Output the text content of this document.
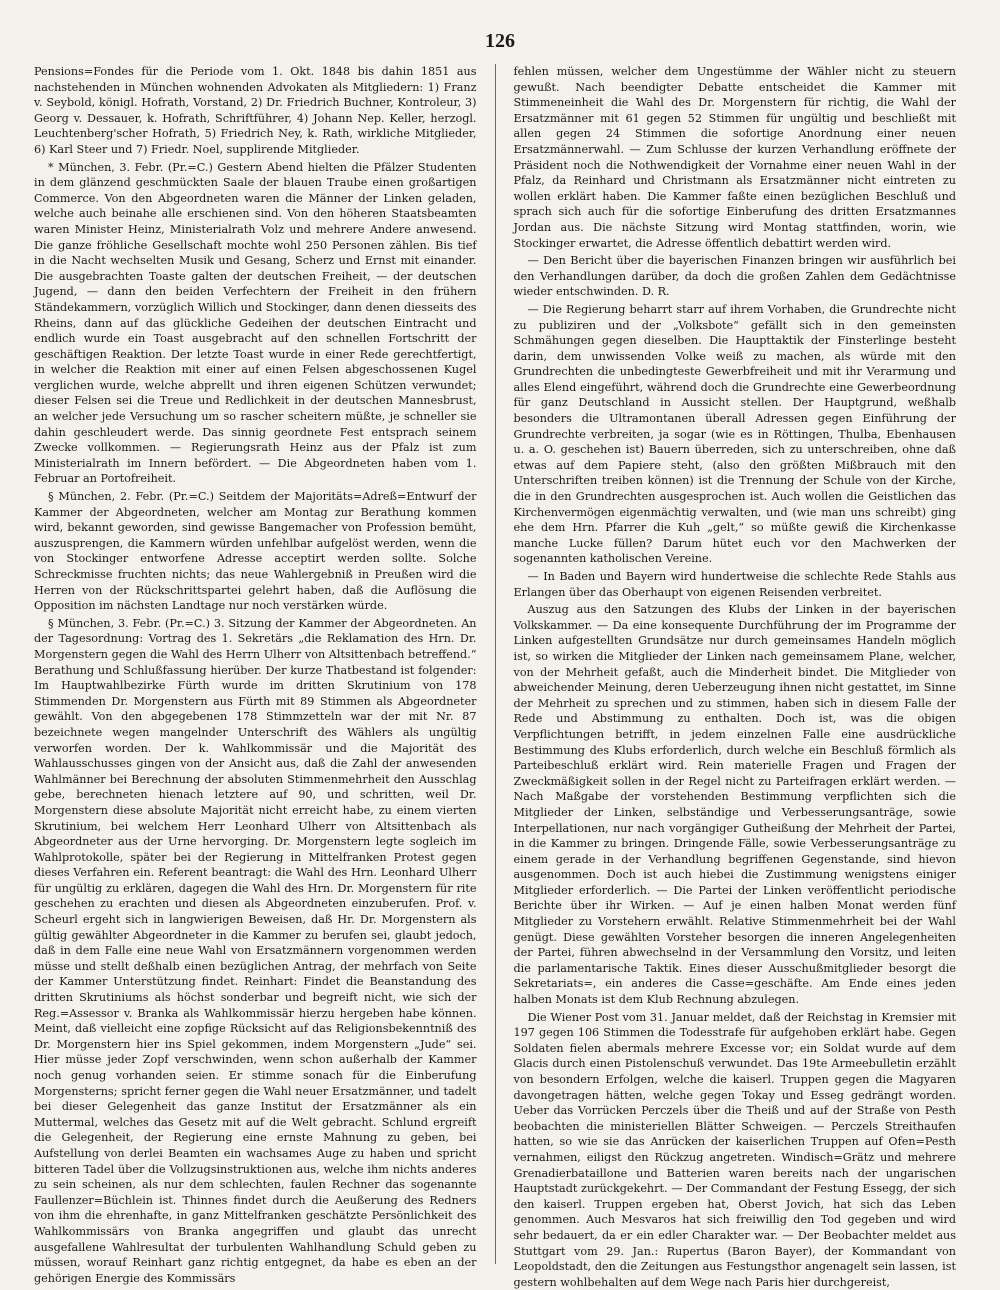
126

Pensions=Fondes für die Periode vom 1. Okt. 1848 bis dahin 1851 aus nachstehenden in München wohnenden Advokaten als Mitgliedern: 1) Franz v. Seybold, königl. Hofrath, Vorstand, 2) Dr. Friedrich Buchner, Kontroleur, 3) Georg v. Dessauer, k. Hofrath, Schriftführer, 4) Johann Nep. Keller, herzogl. Leuchtenberg'scher Hofrath, 5) Friedrich Ney, k. Rath, wirkliche Mitglieder, 6) Karl Steer und 7) Friedr. Noel, supplirende Mitglieder.

* München, 3. Febr. (Pr.=C.) Gestern Abend hielten die Pfälzer Studenten in dem glänzend geschmückten Saale der blauen Traube einen großartigen Commerce. Von den Abgeordneten waren die Männer der Linken geladen, welche auch beinahe alle erschienen sind. Von den höheren Staatsbeamten waren Minister Heinz, Ministerialrath Volz und mehrere Andere anwesend. Die ganze fröhliche Gesellschaft mochte wohl 250 Personen zählen. Bis tief in die Nacht wechselten Musik und Gesang, Scherz und Ernst mit einander. Die ausgebrachten Toaste galten der deutschen Freiheit, — der deutschen Jugend, — dann den beiden Verfechtern der Freiheit in den frühern Ständekammern, vorzüglich Willich und Stockinger, dann denen diesseits des Rheins, dann auf das glückliche Gedeihen der deutschen Eintracht und endlich wurde ein Toast ausgebracht auf den schnellen Fortschritt der geschäftigen Reaktion. Der letzte Toast wurde in einer Rede gerechtfertigt, in welcher die Reaktion mit einer auf einen Felsen abgeschossenen Kugel verglichen wurde, welche abprellt und ihren eigenen Schützen verwundet; dieser Felsen sei die Treue und Redlichkeit in der deutschen Mannesbrust, an welcher jede Versuchung um so rascher scheitern müßte, je schneller sie dahin geschleudert werde. Das sinnig geordnete Fest entsprach seinem Zwecke vollkommen. — Regierungsrath Heinz aus der Pfalz ist zum Ministerialrath im Innern befördert. — Die Abgeordneten haben vom 1. Februar an Portofreiheit.

§ München, 2. Febr. (Pr.=C.) Seitdem der Majoritäts=Adreß=Entwurf der Kammer der Abgeordneten, welcher am Montag zur Berathung kommen wird, bekannt geworden, sind gewisse Bangemacher von Profession bemüht, auszusprengen, die Kammern würden unfehlbar aufgelöst werden, wenn die von Stockinger entworfene Adresse acceptirt werden sollte. Solche Schreckmisse fruchten nichts; das neue Wahlergebniß in Preußen wird die Herren von der Rückschrittspartei gelehrt haben, daß die Auflösung die Opposition im nächsten Landtage nur noch verstärken würde.

§ München, 3. Febr. (Pr.=C.) 3. Sitzung der Kammer der Abgeordneten. An der Tagesordnung: Vortrag des 1. Sekretärs „die Reklamation des Hrn. Dr. Morgenstern gegen die Wahl des Herrn Ulherr von Altsittenbach betreffend.“ Berathung und Schlußfassung hierüber. Der kurze Thatbestand ist folgender: Im Hauptwahlbezirke Fürth wurde im dritten Skrutinium von 178 Stimmenden Dr. Morgenstern aus Fürth mit 89 Stimmen als Abgeordneter gewählt. Von den abgegebenen 178 Stimmzetteln war der mit Nr. 87 bezeichnete wegen mangelnder Unterschrift des Wählers als ungültig verworfen worden. Der k. Wahlkommissär und die Majorität des Wahlausschusses gingen von der Ansicht aus, daß die Zahl der anwesenden Wahlmänner bei Berechnung der absoluten Stimmenmehrheit den Ausschlag gebe, berechneten hienach letztere auf 90, und schritten, weil Dr. Morgenstern diese absolute Majorität nicht erreicht habe, zu einem vierten Skrutinium, bei welchem Herr Leonhard Ulherr von Altsittenbach als Abgeordneter aus der Urne hervorging. Dr. Morgenstern legte sogleich im Wahlprotokolle, später bei der Regierung in Mittelfranken Protest gegen dieses Verfahren ein. Referent beantragt: die Wahl des Hrn. Leonhard Ulherr für ungültig zu erklären, dagegen die Wahl des Hrn. Dr. Morgenstern für rite geschehen zu erachten und diesen als Abgeordneten einzuberufen. Prof. v. Scheurl ergeht sich in langwierigen Beweisen, daß Hr. Dr. Morgenstern als gültig gewählter Abgeordneter in die Kammer zu berufen sei, glaubt jedoch, daß in dem Falle eine neue Wahl von Ersatzmännern vorgenommen werden müsse und stellt deßhalb einen bezüglichen Antrag, der mehrfach von Seite der Kammer Unterstützung findet. Reinhart: Findet die Beanstandung des dritten Skrutiniums als höchst sonderbar und begreift nicht, wie sich der Reg.=Assessor v. Branka als Wahlkommissär hierzu hergeben habe können. Meint, daß vielleicht eine zopfige Rücksicht auf das Religionsbekenntniß des Dr. Morgenstern hier ins Spiel gekommen, indem Morgenstern „Jude“ sei. Hier müsse jeder Zopf verschwinden, wenn schon außerhalb der Kammer noch genug vorhanden seien. Er stimme sonach für die Einberufung Morgensterns; spricht ferner gegen die Wahl neuer Ersatzmänner, und tadelt bei dieser Gelegenheit das ganze Institut der Ersatzmänner als ein Muttermal, welches das Gesetz mit auf die Welt gebracht. Schlund ergreift die Gelegenheit, der Regierung eine ernste Mahnung zu geben, bei Aufstellung von derlei Beamten ein wachsames Auge zu haben und spricht bitteren Tadel über die Vollzugsinstruktionen aus, welche ihm nichts anderes zu sein scheinen, als nur dem schlechten, faulen Rechner das sogenannte Faullenzer=Büchlein ist. Thinnes findet durch die Aeußerung des Redners von ihm die ehrenhafte, in ganz Mittelfranken geschätzte Persönlichkeit des Wahlkommissärs von Branka angegriffen und glaubt das unrecht ausgefallene Wahlresultat der turbulenten Wahlhandlung Schuld geben zu müssen, worauf Reinhart ganz richtig entgegnet, da habe es eben an der gehörigen Energie des Kommissärs

fehlen müssen, welcher dem Ungestümme der Wähler nicht zu steuern gewußt. Nach beendigter Debatte entscheidet die Kammer mit Stimmeneinheit die Wahl des Dr. Morgenstern für richtig, die Wahl der Ersatzmänner mit 61 gegen 52 Stimmen für ungültig und beschließt mit allen gegen 24 Stimmen die sofortige Anordnung einer neuen Ersatzmännerwahl. — Zum Schlusse der kurzen Verhandlung eröffnete der Präsident noch die Nothwendigkeit der Vornahme einer neuen Wahl in der Pfalz, da Reinhard und Christmann als Ersatzmänner nicht eintreten zu wollen erklärt haben. Die Kammer faßte einen bezüglichen Beschluß und sprach sich auch für die sofortige Einberufung des dritten Ersatzmannes Jordan aus. Die nächste Sitzung wird Montag stattfinden, worin, wie Stockinger erwartet, die Adresse öffentlich debattirt werden wird.

— Den Bericht über die bayerischen Finanzen bringen wir ausführlich bei den Verhandlungen darüber, da doch die großen Zahlen dem Gedächtnisse wieder entschwinden. D. R.

— Die Regierung beharrt starr auf ihrem Vorhaben, die Grundrechte nicht zu publiziren und der „Volksbote“ gefällt sich in den gemeinsten Schmähungen gegen dieselben. Die Haupttaktik der Finsterlinge besteht darin, dem unwissenden Volke weiß zu machen, als würde mit den Grundrechten die unbedingteste Gewerbfreiheit und mit ihr Verarmung und alles Elend eingeführt, während doch die Grundrechte eine Gewerbeordnung für ganz Deutschland in Aussicht stellen. Der Hauptgrund, weßhalb besonders die Ultramontanen überall Adressen gegen Einführung der Grundrechte verbreiten, ja sogar (wie es in Röttingen, Thulba, Ebenhausen u. a. O. geschehen ist) Bauern überreden, sich zu unterschreiben, ohne daß etwas auf dem Papiere steht, (also den größten Mißbrauch mit den Unterschriften treiben können) ist die Trennung der Schule von der Kirche, die in den Grundrechten ausgesprochen ist. Auch wollen die Geistlichen das Kirchenvermögen eigenmächtig verwalten, und (wie man uns schreibt) ging ehe dem Hrn. Pfarrer die Kuh „gelt,“ so müßte gewiß die Kirchenkasse manche Lucke füllen? Darum hütet euch vor den Machwerken der sogenannten katholischen Vereine.

— In Baden und Bayern wird hundertweise die schlechte Rede Stahls aus Erlangen über das Oberhaupt von eigenen Reisenden verbreitet.

Auszug aus den Satzungen des Klubs der Linken in der bayerischen Volkskammer. — Da eine konsequente Durchführung der im Programme der Linken aufgestellten Grundsätze nur durch gemeinsames Handeln möglich ist, so wirken die Mitglieder der Linken nach gemeinsamem Plane, welcher, von der Mehrheit gefaßt, auch die Minderheit bindet. Die Mitglieder von abweichender Meinung, deren Ueberzeugung ihnen nicht gestattet, im Sinne der Mehrheit zu sprechen und zu stimmen, haben sich in diesem Falle der Rede und Abstimmung zu enthalten. Doch ist, was die obigen Verpflichtungen betrifft, in jedem einzelnen Falle eine ausdrückliche Bestimmung des Klubs erforderlich, durch welche ein Beschluß förmlich als Parteibeschluß erklärt wird. Rein materielle Fragen und Fragen der Zweckmäßigkeit sollen in der Regel nicht zu Parteifragen erklärt werden. — Nach Maßgabe der vorstehenden Bestimmung verpflichten sich die Mitglieder der Linken, selbständige und Verbesserungsanträge, sowie Interpellationen, nur nach vorgängiger Gutheißung der Mehrheit der Partei, in die Kammer zu bringen. Dringende Fälle, sowie Verbesserungsanträge zu einem gerade in der Verhandlung begriffenen Gegenstande, sind hievon ausgenommen. Doch ist auch hiebei die Zustimmung wenigstens einiger Mitglieder erforderlich. — Die Partei der Linken veröffentlicht periodische Berichte über ihr Wirken. — Auf je einen halben Monat werden fünf Mitglieder zu Vorstehern erwählt. Relative Stimmenmehrheit bei der Wahl genügt. Diese gewählten Vorsteher besorgen die inneren Angelegenheiten der Partei, führen abwechselnd in der Versammlung den Vorsitz, und leiten die parlamentarische Taktik. Eines dieser Ausschußmitglieder besorgt die Sekretariats=, ein anderes die Casse=geschäfte. Am Ende eines jeden halben Monats ist dem Klub Rechnung abzulegen.

Die Wiener Post vom 31. Januar meldet, daß der Reichstag in Kremsier mit 197 gegen 106 Stimmen die Todesstrafe für aufgehoben erklärt habe. Gegen Soldaten fielen abermals mehrere Excesse vor; ein Soldat wurde auf dem Glacis durch einen Pistolenschuß verwundet. Das 19te Armeebulletin erzählt von besondern Erfolgen, welche die kaiserl. Truppen gegen die Magyaren davongetragen hätten, welche gegen Tokay und Esseg gedrängt worden. Ueber das Vorrücken Perczels über die Theiß und auf der Straße von Pesth beobachten die ministeriellen Blätter Schweigen. — Perczels Streithaufen hatten, so wie sie das Anrücken der kaiserlichen Truppen auf Ofen=Pesth vernahmen, eiligst den Rückzug angetreten. Windisch=Grätz und mehrere Grenadierbataillone und Batterien waren bereits nach der ungarischen Hauptstadt zurückgekehrt. — Der Commandant der Festung Essegg, der sich den kaiserl. Truppen ergeben hat, Oberst Jovich, hat sich das Leben genommen. Auch Mesvaros hat sich freiwillig den Tod gegeben und wird sehr bedauert, da er ein edler Charakter war. — Der Beobachter meldet aus Stuttgart vom 29. Jan.: Rupertus (Baron Bayer), der Kommandant von Leopoldstadt, den die Zeitungen aus Festungsthor angenagelt sein lassen, ist gestern wohlbehalten auf dem Wege nach Paris hier durchgereist,
